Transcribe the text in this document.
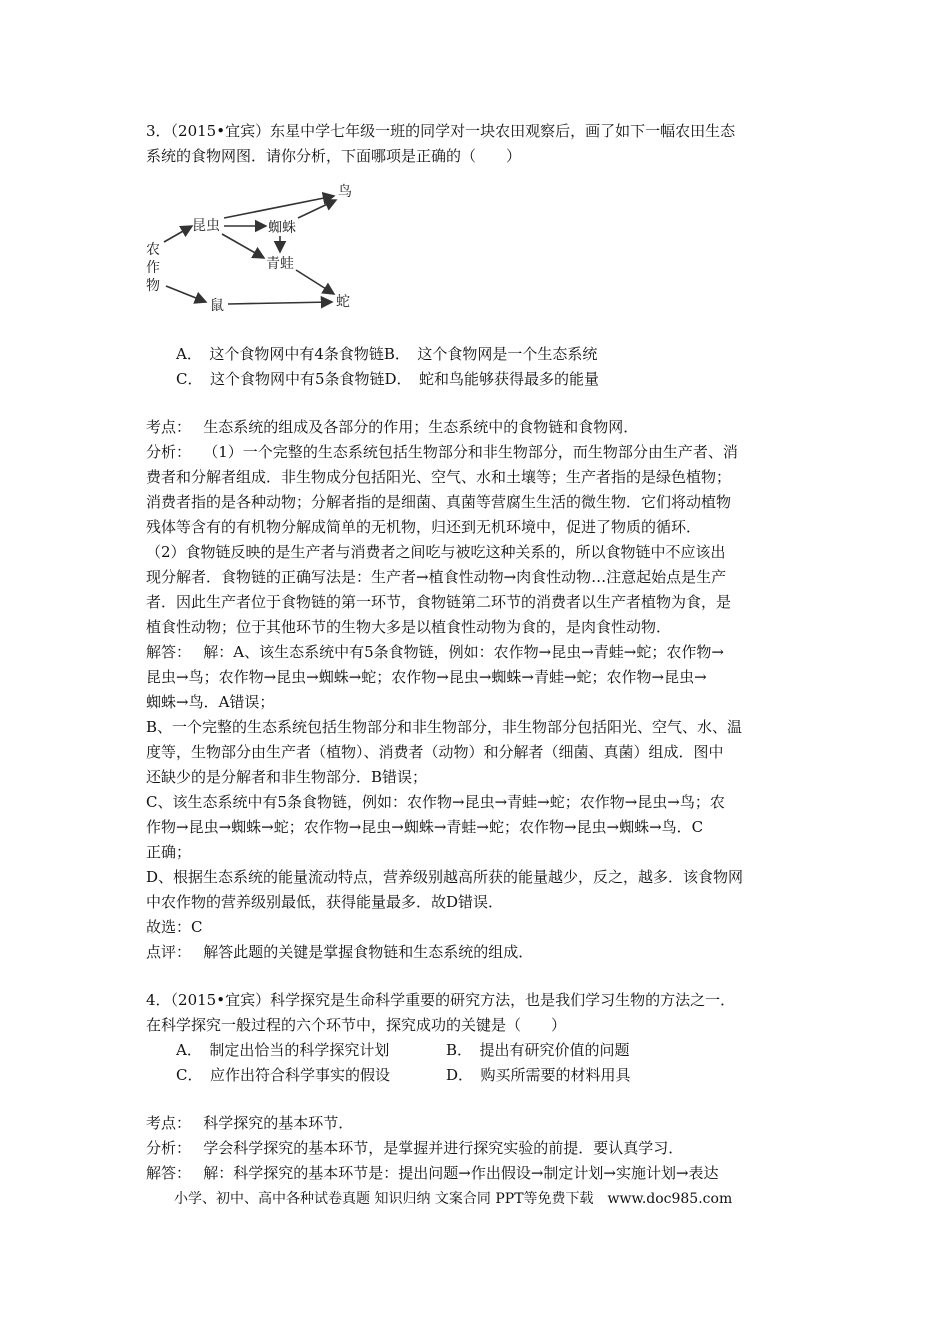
3．（2015•宜宾）东星中学七年级一班的同学对一块农田观察后，画了如下一幅农田生态
系统的食物网图．请你分析，下面哪项是正确的（　　）
农
作
物
昆虫	蜘蛛
鸟
青蛙
鼠	蛇
A．　这个食物网中有4条食物链B．　这个食物网是一个生态系统
C．　这个食物网中有5条食物链D．　蛇和鸟能够获得最多的能量
考点：　 生态系统的组成及各部分的作用；生态系统中的食物链和食物网．
分析：　 （1）一个完整的生态系统包括生物部分和非生物部分，而生物部分由生产者、消
费者和分解者组成．非生物成分包括阳光、空气、水和土壤等；生产者指的是绿色植物；
消费者指的是各种动物；分解者指的是细菌、真菌等营腐生生活的微生物．它们将动植物
残体等含有的有机物分解成简单的无机物，归还到无机环境中，促进了物质的循环．
（2）食物链反映的是生产者与消费者之间吃与被吃这种关系的，所以食物链中不应该出
现分解者．食物链的正确写法是：生产者→植食性动物→肉食性动物…注意起始点是生产
者．因此生产者位于食物链的第一环节，食物链第二环节的消费者以生产者植物为食，是
植食性动物；位于其他环节的生物大多是以植食性动物为食的，是肉食性动物．
解答：　 解：A、该生态系统中有5条食物链，例如：农作物→昆虫→青蛙→蛇；农作物→
昆虫→鸟；农作物→昆虫→蜘蛛→蛇；农作物→昆虫→蜘蛛→青蛙→蛇；农作物→昆虫→
蜘蛛→鸟．A错误；
B、一个完整的生态系统包括生物部分和非生物部分，非生物部分包括阳光、空气、水、温
度等，生物部分由生产者（植物）、消费者（动物）和分解者（细菌、真菌）组成．图中
还缺少的是分解者和非生物部分．B错误；
C、该生态系统中有5条食物链，例如：农作物→昆虫→青蛙→蛇；农作物→昆虫→鸟；农
作物→昆虫→蜘蛛→蛇；农作物→昆虫→蜘蛛→青蛙→蛇；农作物→昆虫→蜘蛛→鸟．C
正确；
D、根据生态系统的能量流动特点，营养级别越高所获的能量越少，反之，越多．该食物网
中农作物的营养级别最低，获得能量最多．故D错误．
故选：C
点评：　 解答此题的关键是掌握食物链和生态系统的组成．
4．（2015•宜宾）科学探究是生命科学重要的研究方法，也是我们学习生物的方法之一．
在科学探究一般过程的六个环节中，探究成功的关键是（　　）
A．　制定出恰当的科学探究计划	B．　提出有研究价值的问题
C．　应作出符合科学事实的假设	D．　购买所需要的材料用具
考点：　 科学探究的基本环节．
分析：　 学会科学探究的基本环节，是掌握并进行探究实验的前提．要认真学习．
解答：　 解：科学探究的基本环节是：提出问题→作出假设→制定计划→实施计划→表达
小学、初中、高中各种试卷真题 知识归纳 文案合同 PPT等免费下载　www.doc985.com
